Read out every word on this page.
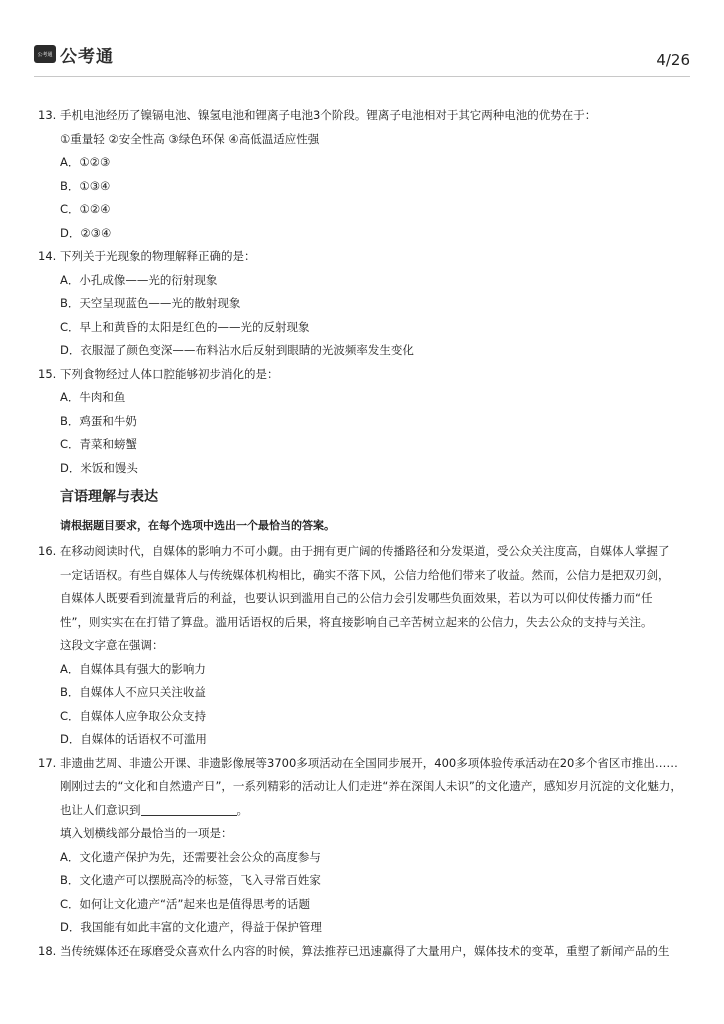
公考通 公考通	4/26
13. 手机电池经历了镍镉电池、镍氢电池和锂离子电池3个阶段。锂离子电池相对于其它两种电池的优势在于：
①重量轻 ②安全性高 ③绿色环保 ④高低温适应性强
A．①②③
B．①③④
C．①②④
D．②③④
14. 下列关于光现象的物理解释正确的是：
A．小孔成像——光的衍射现象
B．天空呈现蓝色——光的散射现象
C．早上和黄昏的太阳是红色的——光的反射现象
D．衣服湿了颜色变深——布料沾水后反射到眼睛的光波频率发生变化
15. 下列食物经过人体口腔能够初步消化的是：
A．牛肉和鱼
B．鸡蛋和牛奶
C．青菜和螃蟹
D．米饭和馒头
言语理解与表达
请根据题目要求，在每个选项中选出一个最恰当的答案。
16. 在移动阅读时代，自媒体的影响力不可小觑。由于拥有更广阔的传播路径和分发渠道，受公众关注度高，自媒体人掌握了
一定话语权。有些自媒体人与传统媒体机构相比，确实不落下风，公信力给他们带来了收益。然而，公信力是把双刃剑，
自媒体人既要看到流量背后的利益，也要认识到滥用自己的公信力会引发哪些负面效果，若以为可以仰仗传播力而“任
性”，则实实在在打错了算盘。滥用话语权的后果，将直接影响自己辛苦树立起来的公信力，失去公众的支持与关注。
这段文字意在强调：
A．自媒体具有强大的影响力
B．自媒体人不应只关注收益
C．自媒体人应争取公众支持
D．自媒体的话语权不可滥用
17. 非遗曲艺周、非遗公开课、非遗影像展等3700多项活动在全国同步展开，400多项体验传承活动在20多个省区市推出……
刚刚过去的“文化和自然遗产日”，一系列精彩的活动让人们走进“养在深闺人未识”的文化遗产，感知岁月沉淀的文化魅力，
也让人们意识到	。
填入划横线部分最恰当的一项是：
A．文化遗产保护为先，还需要社会公众的高度参与
B．文化遗产可以摆脱高冷的标签，飞入寻常百姓家
C．如何让文化遗产“活”起来也是值得思考的话题
D．我国能有如此丰富的文化遗产，得益于保护管理
18. 当传统媒体还在琢磨受众喜欢什么内容的时候，算法推荐已迅速赢得了大量用户，媒体技术的变革，重塑了新闻产品的生
